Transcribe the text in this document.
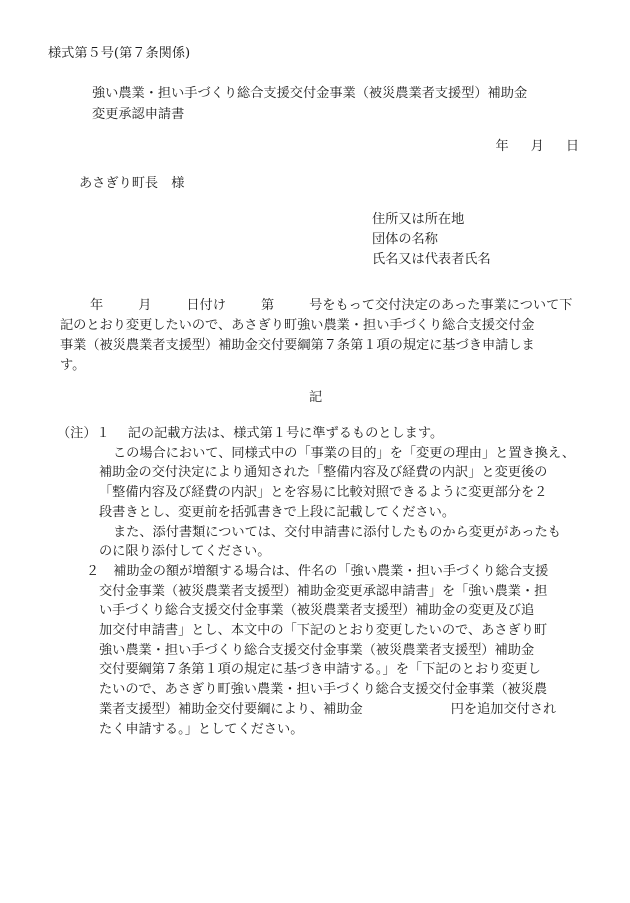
様式第５号(第７条関係)
強い農業・担い手づくり総合支援交付金事業（被災農業者支援型）補助金
変更承認申請書
年 月 日
あさぎり町長　様
住所又は所在地
団体の名称
氏名又は代表者氏名
年	月	日付け	第	号をもって交付決定のあった事業について下
記のとおり変更したいので、あさぎり町強い農業・担い手づくり総合支援交付金
事業（被災農業者支援型）補助金交付要綱第７条第１項の規定に基づき申請しま
す。
記
（注）１ 記の記載方法は、様式第１号に準ずるものとします。
この場合において、同様式中の「事業の目的」を「変更の理由」と置き換え、
補助金の交付決定により通知された「整備内容及び経費の内訳」と変更後の
「整備内容及び経費の内訳」とを容易に比較対照できるように変更部分を２
段書きとし、変更前を括弧書きで上段に記載してください。
また、添付書類については、交付申請書に添付したものから変更があったも
のに限り添付してください。
２ 補助金の額が増額する場合は、件名の「強い農業・担い手づくり総合支援
交付金事業（被災農業者支援型）補助金変更承認申請書」を「強い農業・担
い手づくり総合支援交付金事業（被災農業者支援型）補助金の変更及び追
加交付申請書」とし、本文中の「下記のとおり変更したいので、あさぎり町
強い農業・担い手づくり総合支援交付金事業（被災農業者支援型）補助金
交付要綱第７条第１項の規定に基づき申請する。」を「下記のとおり変更し
たいので、あさぎり町強い農業・担い手づくり総合支援交付金事業（被災農
業者支援型）補助金交付要綱により、補助金	円を追加交付され
たく申請する。」としてください。
